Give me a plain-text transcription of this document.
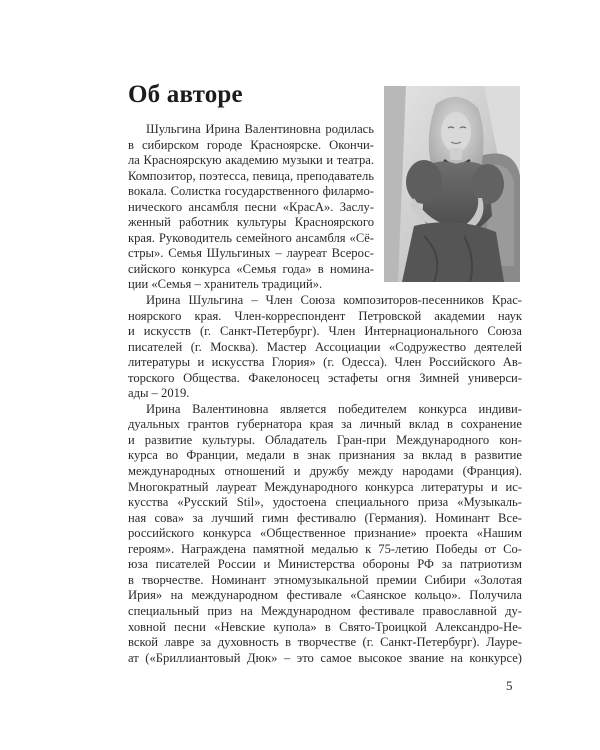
Об авторе
Шульгина Ирина Валентиновна родилась
в сибирском городе Красноярске. Окончи-
ла Красноярскую академию музыки и театра.
Композитор, поэтесса, певица, преподаватель
вокала. Солистка государственного филармо-
нического ансамбля песни «КрасА». Заслу-
женный работник культуры Красноярского
края. Руководитель семейного ансамбля «Сё-
стры». Семья Шульгиных – лауреат Всерос-
сийского конкурса «Семья года» в номина-
ции «Семья – хранитель традиций».
Ирина Шульгина – Член Союза композиторов-песенников Крас-
ноярского края. Член-корреспондент Петровской академии наук
и искусств (г. Санкт-Петербург). Член Интернационального Союза
писателей (г. Москва). Мастер Ассоциации «Содружество деятелей
литературы и искусства Глория» (г. Одесса). Член Российского Ав-
торского Общества. Факелоносец эстафеты огня Зимней универси-
ады – 2019.
Ирина Валентиновна является победителем конкурса индиви-
дуальных грантов губернатора края за личный вклад в сохранение
и развитие культуры. Обладатель Гран-при Международного кон-
курса во Франции, медали в знак признания за вклад в развитие
международных отношений и дружбу между народами (Франция).
Многократный лауреат Международного конкурса литературы и ис-
кусства «Русский Stil», удостоена специального приза «Музыкаль-
ная сова» за лучший гимн фестивалю (Германия). Номинант Все-
российского конкурса «Общественное признание» проекта «Нашим
героям». Награждена памятной медалью к 75-летию Победы от Со-
юза писателей России и Министерства обороны РФ за патриотизм
в творчестве. Номинант этномузыкальной премии Сибири «Золотая
Ирия» на международном фестивале «Саянское кольцо». Получила
специальный приз на Международном фестивале православной ду-
ховной песни «Невские купола» в Свято-Троицкой Александро-Не-
вской лавре за духовность в творчестве (г. Санкт-Петербург). Лауре-
ат («Бриллиантовый Дюк» – это самое высокое звание на конкурсе)
5
